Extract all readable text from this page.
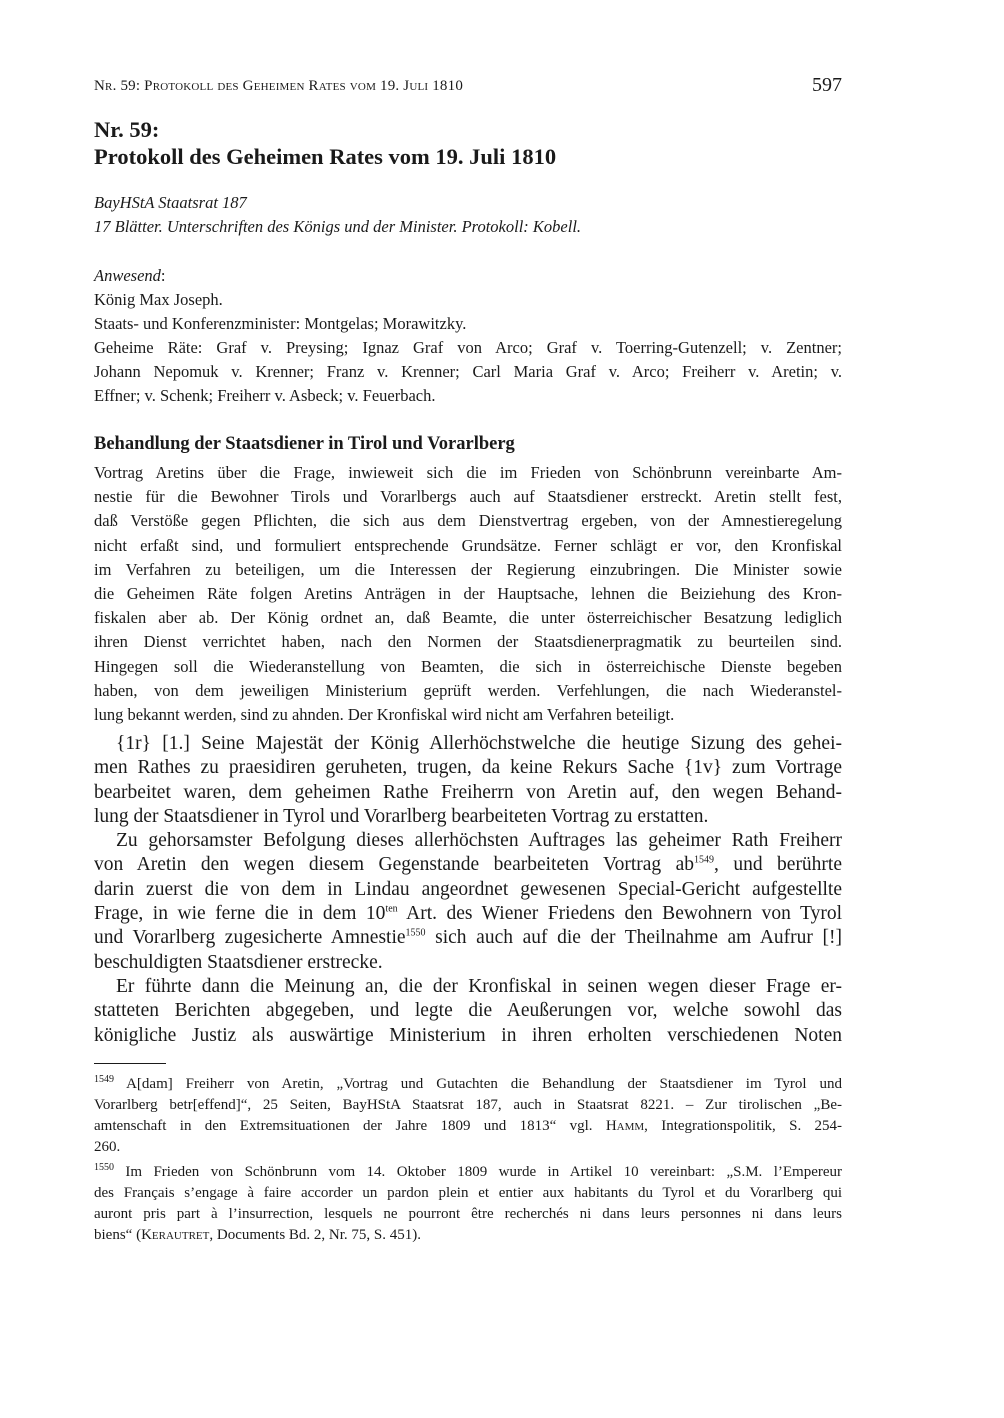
Nr. 59: Protokoll des Geheimen Rates vom 19. Juli 1810	597
Nr. 59:
Protokoll des Geheimen Rates vom 19. Juli 1810
BayHStA Staatsrat 187
17 Blätter. Unterschriften des Königs und der Minister. Protokoll: Kobell.
Anwesend:
König Max Joseph.
Staats- und Konferenzminister: Montgelas; Morawitzky.
Geheime Räte: Graf v. Preysing; Ignaz Graf von Arco; Graf v. Toerring-Gutenzell; v. Zentner;
Johann Nepomuk v. Krenner; Franz v. Krenner; Carl Maria Graf v. Arco; Freiherr v. Aretin; v.
Effner; v. Schenk; Freiherr v. Asbeck; v. Feuerbach.
Behandlung der Staatsdiener in Tirol und Vorarlberg
Vortrag Aretins über die Frage, inwieweit sich die im Frieden von Schönbrunn vereinbarte Am-
nestie für die Bewohner Tirols und Vorarlbergs auch auf Staatsdiener erstreckt. Aretin stellt fest,
daß Verstöße gegen Pflichten, die sich aus dem Dienstvertrag ergeben, von der Amnestieregelung
nicht erfaßt sind, und formuliert entsprechende Grundsätze. Ferner schlägt er vor, den Kronfiskal
im Verfahren zu beteiligen, um die Interessen der Regierung einzubringen. Die Minister sowie
die Geheimen Räte folgen Aretins Anträgen in der Hauptsache, lehnen die Beiziehung des Kron-
fiskalen aber ab. Der König ordnet an, daß Beamte, die unter österreichischer Besatzung lediglich
ihren Dienst verrichtet haben, nach den Normen der Staatsdienerpragmatik zu beurteilen sind.
Hingegen soll die Wiederanstellung von Beamten, die sich in österreichische Dienste begeben
haben, von dem jeweiligen Ministerium geprüft werden. Verfehlungen, die nach Wiederanstel-
lung bekannt werden, sind zu ahnden. Der Kronfiskal wird nicht am Verfahren beteiligt.
{1r} [1.] Seine Majestät der König Allerhöchstwelche die heutige Sizung des gehei-
men Rathes zu praesidiren geruheten, trugen, da keine Rekurs Sache {1v} zum Vortrage
bearbeitet waren, dem geheimen Rathe Freiherrn von Aretin auf, den wegen Behand-
lung der Staatsdiener in Tyrol und Vorarlberg bearbeiteten Vortrag zu erstatten.
Zu gehorsamster Befolgung dieses allerhöchsten Auftrages las geheimer Rath Freiherr
von Aretin den wegen diesem Gegenstande bearbeiteten Vortrag $ab^{1549}$, und berührte
darin zuerst die von dem in Lindau angeordnet gewesenen Special-Gericht aufgestellte
Frage, in wie ferne die in dem $10^{ten}$ Art. des Wiener Friedens den Bewohnern von Tyrol
und Vorarlberg zugesicherte Amnestie$^{1550}$ sich auch auf die der Theilnahme am Aufrur [!]
beschuldigten Staatsdiener erstrecke.
Er führte dann die Meinung an, die der Kronfiskal in seinen wegen dieser Frage er-
statteten Berichten abgegeben, und legte die Aeußerungen vor, welche sowohl das
königliche Justiz als auswärtige Ministerium in ihren erholten verschiedenen Noten
$^{1549}$ A[dam] Freiherr von Aretin, „Vortrag und Gutachten die Behandlung der Staatsdiener im Tyrol und
Vorarlberg betr[effend]“, 25 Seiten, BayHStA Staatsrat 187, auch in Staatsrat 8221. – Zur tirolischen „Be-
amtenschaft in den Extremsituationen der Jahre 1809 und 1813“ vgl. Hamm, Integrationspolitik, S. 254-
260.
$^{1550}$ Im Frieden von Schönbrunn vom 14. Oktober 1809 wurde in Artikel 10 vereinbart: „S.M. l’Empereur
des Français s’engage à faire accorder un pardon plein et entier aux habitants du Tyrol et du Vorarlberg qui
auront pris part à l’insurrection, lesquels ne pourront être recherchés ni dans leurs personnes ni dans leurs
biens“ (Kerautret, Documents Bd. 2, Nr. 75, S. 451).
